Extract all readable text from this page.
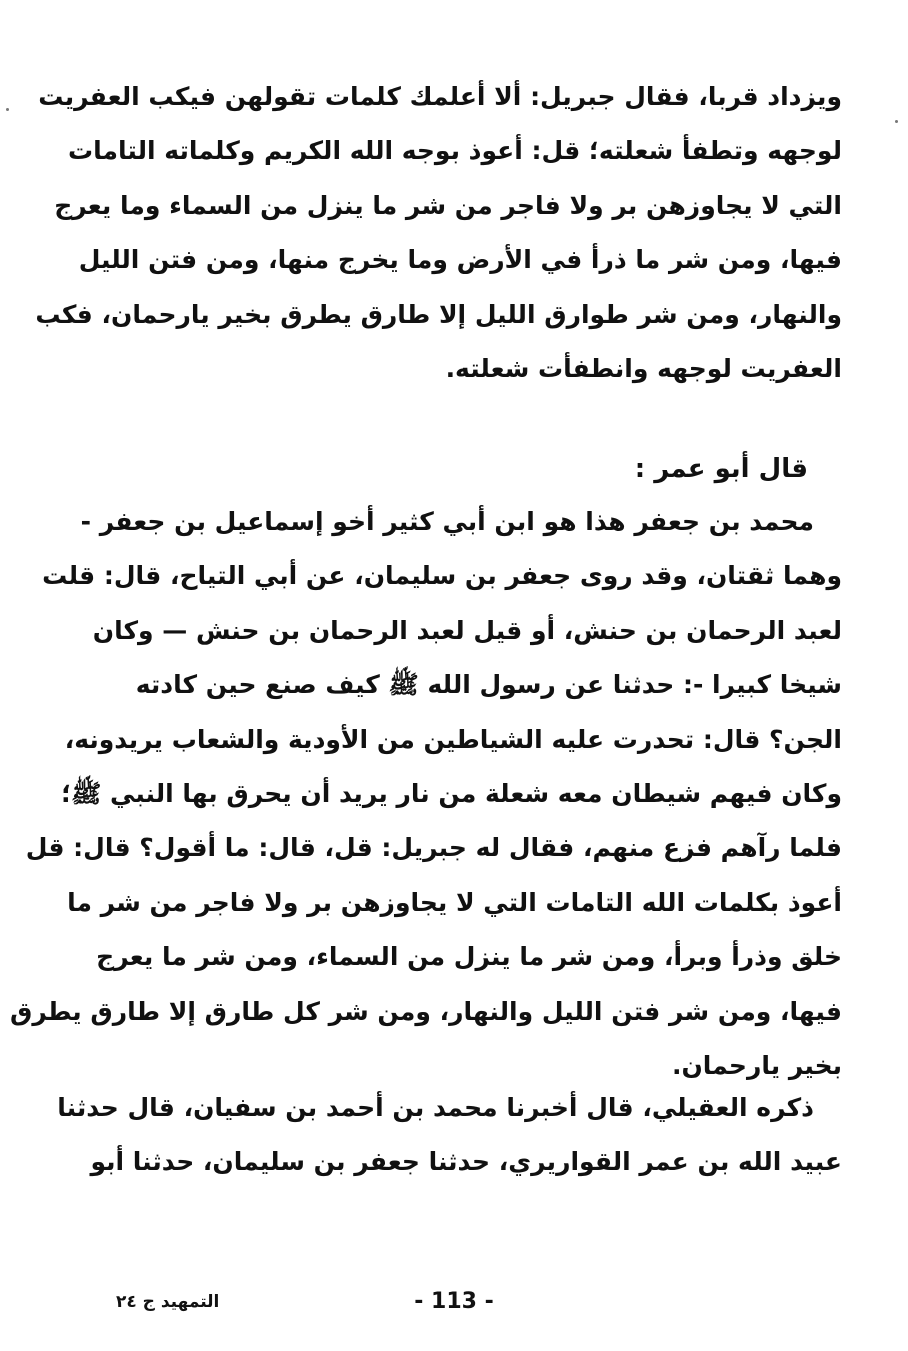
ويزداد قربا، فقال جبريل: ألا أعلمك كلمات تقولهن فيكب العفريت
لوجهه وتطفأ شعلته؛ قل: أعوذ بوجه الله الكريم وكلماته التامات
التي لا يجاوزهن بر ولا فاجر من شر ما ينزل من السماء وما يعرج
فيها، ومن شر ما ذرأ في الأرض وما يخرج منها، ومن فتن الليل
والنهار، ومن شر طوارق الليل إلا طارق يطرق بخير يارحمان، فكب
العفريت لوجهه وانطفأت شعلته.
قال أبو عمر :
محمد بن جعفر هذا هو ابن أبي كثير أخو إسماعيل بن جعفر -
وهما ثقتان، وقد روى جعفر بن سليمان، عن أبي التياح، قال: قلت
لعبد الرحمان بن حنش، أو قيل لعبد الرحمان بن حنش — وكان
شيخا كبيرا -: حدثنا عن رسول الله ﷺ كيف صنع حين كادته
الجن؟ قال: تحدرت عليه الشياطين من الأودية والشعاب يريدونه،
وكان فيهم شيطان معه شعلة من نار يريد أن يحرق بها النبي ﷺ؛
فلما رآهم فزع منهم، فقال له جبريل: قل، قال: ما أقول؟ قال: قل
أعوذ بكلمات الله التامات التي لا يجاوزهن بر ولا فاجر من شر ما
خلق وذرأ وبرأ، ومن شر ما ينزل من السماء، ومن شر ما يعرج
فيها، ومن شر فتن الليل والنهار، ومن شر كل طارق إلا طارق يطرق
بخير يارحمان.
ذكره العقيلي، قال أخبرنا محمد بن أحمد بن سفيان، قال حدثنا
عبيد الله بن عمر القواريري، حدثنا جعفر بن سليمان، حدثنا أبو
- 113 -
التمهيد ج ٢٤
